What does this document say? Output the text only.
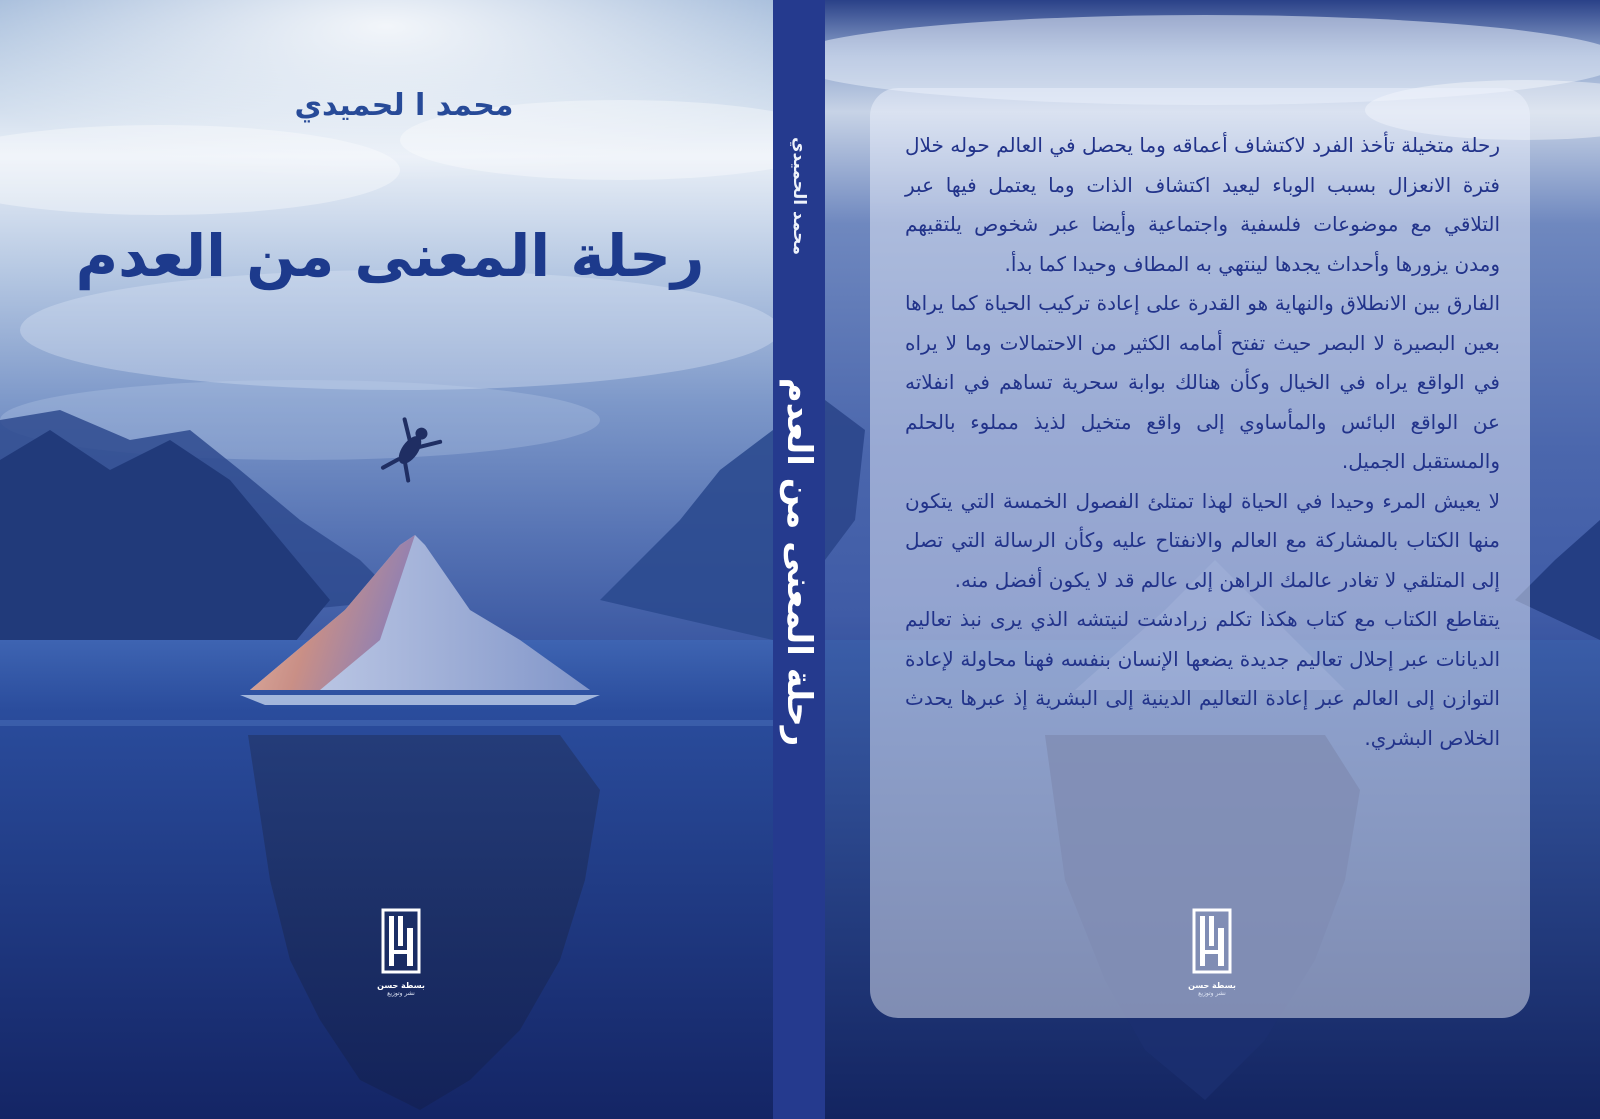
محمد ا لحميدي
رحلة المعنى من العدم
بسطة حسن
نشر وتوزيع
محمد الحميدي
رحلة المعنى من العدم

رحلة متخيلة تأخذ الفرد لاكتشاف أعماقه وما يحصل في العالم حوله خلال فترة الانعزال بسبب الوباء ليعيد اكتشاف الذات وما يعتمل فيها عبر التلاقي مع موضوعات فلسفية واجتماعية وأيضا عبر شخوص يلتقيهم ومدن يزورها وأحداث يجدها لينتهي به المطاف وحيدا كما بدأ.

الفارق بين الانطلاق والنهاية هو القدرة على إعادة تركيب الحياة كما يراها بعين البصيرة لا البصر حيث تفتح أمامه الكثير من الاحتمالات وما لا يراه في الواقع يراه في الخيال وكأن هنالك بوابة سحرية تساهم في انفلاته عن الواقع البائس والمأساوي إلى واقع متخيل لذيذ مملوء بالحلم والمستقبل الجميل.

لا يعيش المرء وحيدا في الحياة لهذا تمتلئ الفصول الخمسة التي يتكون منها الكتاب بالمشاركة مع العالم والانفتاح عليه وكأن الرسالة التي تصل إلى المتلقي لا تغادر عالمك الراهن إلى عالم قد لا يكون أفضل منه.

يتقاطع الكتاب مع كتاب هكذا تكلم زرادشت لنيتشه الذي يرى نبذ تعاليم الديانات عبر إحلال تعاليم جديدة يضعها الإنسان بنفسه فهنا محاولة لإعادة التوازن إلى العالم عبر إعادة التعاليم الدينية إلى البشرية إذ عبرها يحدث الخلاص البشري.

بسطة حسن
نشر وتوزيع
